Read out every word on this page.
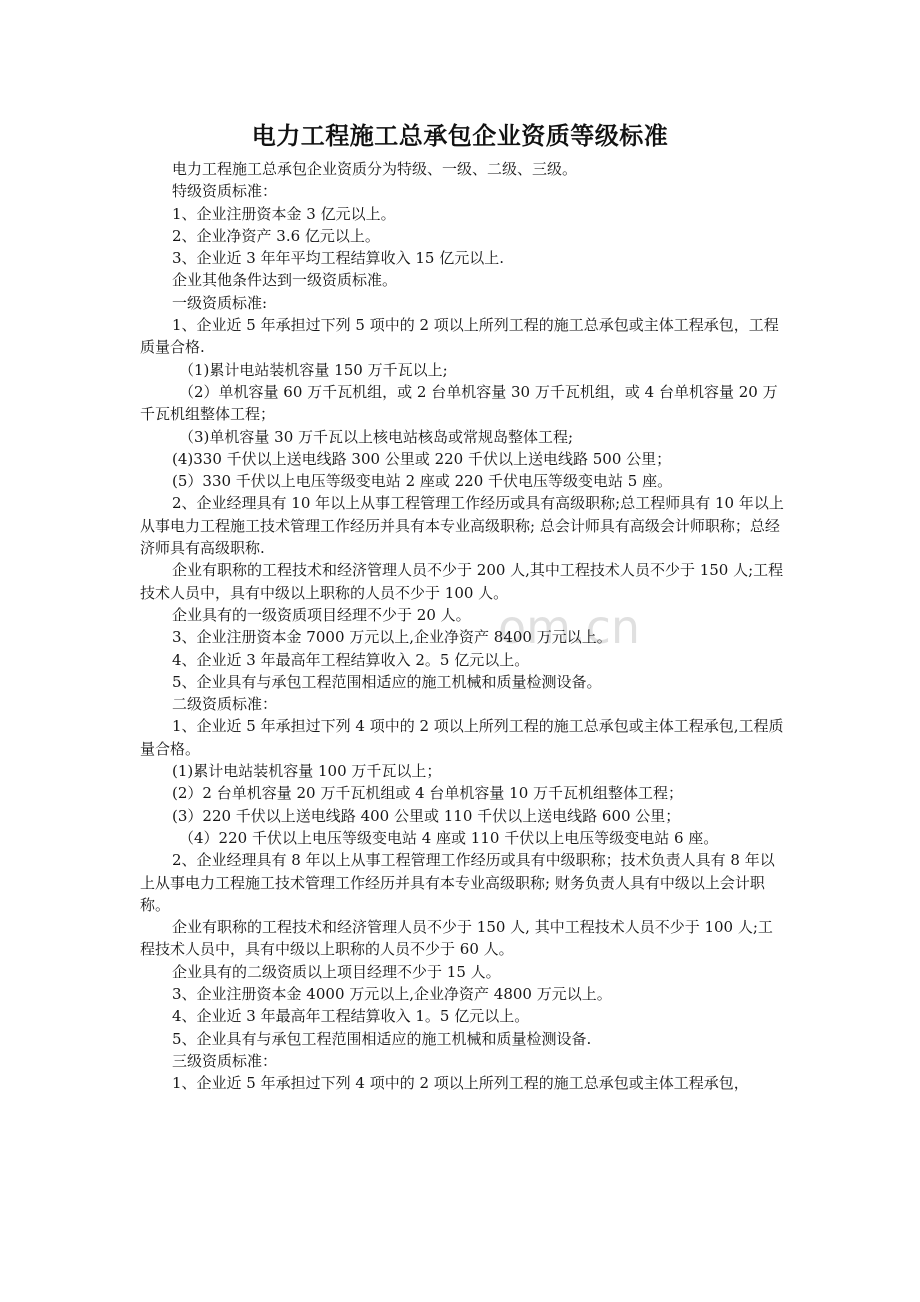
电力工程施工总承包企业资质等级标准
om.cn

电力工程施工总承包企业资质分为特级、一级、二级、三级。

特级资质标准：

1、企业注册资本金 3 亿元以上。

2、企业净资产 3.6 亿元以上。

3、企业近 3 年年平均工程结算收入 15 亿元以上.

企业其他条件达到一级资质标准。

一级资质标准:

1、企业近 5 年承担过下列 5 项中的 2 项以上所列工程的施工总承包或主体工程承包，工程质量合格.

（1)累计电站装机容量 150 万千瓦以上;

（2）单机容量 60 万千瓦机组，或 2 台单机容量 30 万千瓦机组，或 4 台单机容量 20 万千瓦机组整体工程；

（3)单机容量 30 万千瓦以上核电站核岛或常规岛整体工程;

(4)330 千伏以上送电线路 300 公里或 220 千伏以上送电线路 500 公里；

(5）330 千伏以上电压等级变电站 2 座或 220 千伏电压等级变电站 5 座。

2、企业经理具有 10 年以上从事工程管理工作经历或具有高级职称;总工程师具有 10 年以上从事电力工程施工技术管理工作经历并具有本专业高级职称; 总会计师具有高级会计师职称；总经济师具有高级职称.

企业有职称的工程技术和经济管理人员不少于 200 人,其中工程技术人员不少于 150 人;工程技术人员中，具有中级以上职称的人员不少于 100 人。

企业具有的一级资质项目经理不少于 20 人。

3、企业注册资本金 7000 万元以上,企业净资产 8400 万元以上。

4、企业近 3 年最高年工程结算收入 2。5 亿元以上。

5、企业具有与承包工程范围相适应的施工机械和质量检测设备。

二级资质标准：

1、企业近 5 年承担过下列 4 项中的 2 项以上所列工程的施工总承包或主体工程承包,工程质量合格。

(1)累计电站装机容量 100 万千瓦以上；

(2）2 台单机容量 20 万千瓦机组或 4 台单机容量 10 万千瓦机组整体工程；

(3）220 千伏以上送电线路 400 公里或 110 千伏以上送电线路 600 公里；

（4）220 千伏以上电压等级变电站 4 座或 110 千伏以上电压等级变电站 6 座。

2、企业经理具有 8 年以上从事工程管理工作经历或具有中级职称；技术负责人具有 8 年以上从事电力工程施工技术管理工作经历并具有本专业高级职称; 财务负责人具有中级以上会计职称。

企业有职称的工程技术和经济管理人员不少于 150 人, 其中工程技术人员不少于 100 人;工程技术人员中，具有中级以上职称的人员不少于 60 人。

企业具有的二级资质以上项目经理不少于 15 人。

3、企业注册资本金 4000 万元以上,企业净资产 4800 万元以上。

4、企业近 3 年最高年工程结算收入 1。5 亿元以上。

5、企业具有与承包工程范围相适应的施工机械和质量检测设备.

三级资质标准：

1、企业近 5 年承担过下列 4 项中的 2 项以上所列工程的施工总承包或主体工程承包，
